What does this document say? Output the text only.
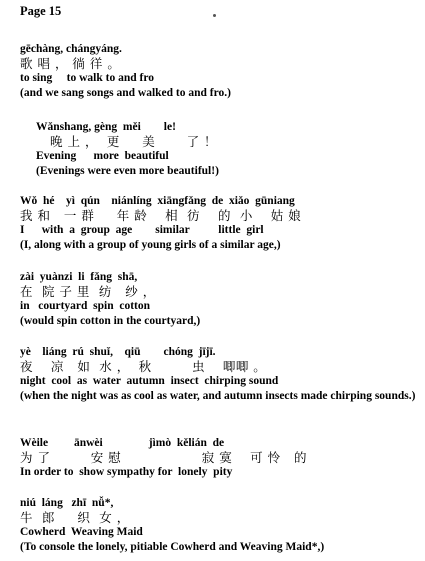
Page 15
gēchàng, chángyáng.
歌 唱 ， 徜 徉 。
to sing     to walk to and fro
(and we sang songs and walked to and fro.)
Wǎnshang, gèng  měi        le!
晚 上 ，  更     美       了 ！
Evening      more  beautiful
(Evenings were even more beautiful!)
Wǒ  hé    yì  qún    niánlíng  xiāngfǎng  de  xiǎo  gūniang
我 和   一 群     年 龄    相  彷    的  小    姑 娘
I      with  a  group  age        similar          little  girl
(I, along with a group of young girls of a similar age,)
zài  yuànzi  li  fǎng  shā,
在  院 子 里  纺   纱 ，
in   courtyard  spin  cotton
(would spin cotton in the courtyard,)
yè    liáng  rú  shuǐ,    qiū        chóng  jījī.
夜    凉   如  水 ，  秋         虫    唧唧 。
night  cool  as  water  autumn  insect  chirping sound
(when the night was as cool as water, and autumn insects made chirping sounds.)
Wèile         ānwèi                jìmò  kělián  de
为 了         安 慰                  寂 寞    可 怜   的
In order to  show sympathy for  lonely  pity
niú  láng   zhī  nǚ*,
牛  郎     织  女 ，
Cowherd  Weaving Maid
(To console the lonely, pitiable Cowherd and Weaving Maid*,)
